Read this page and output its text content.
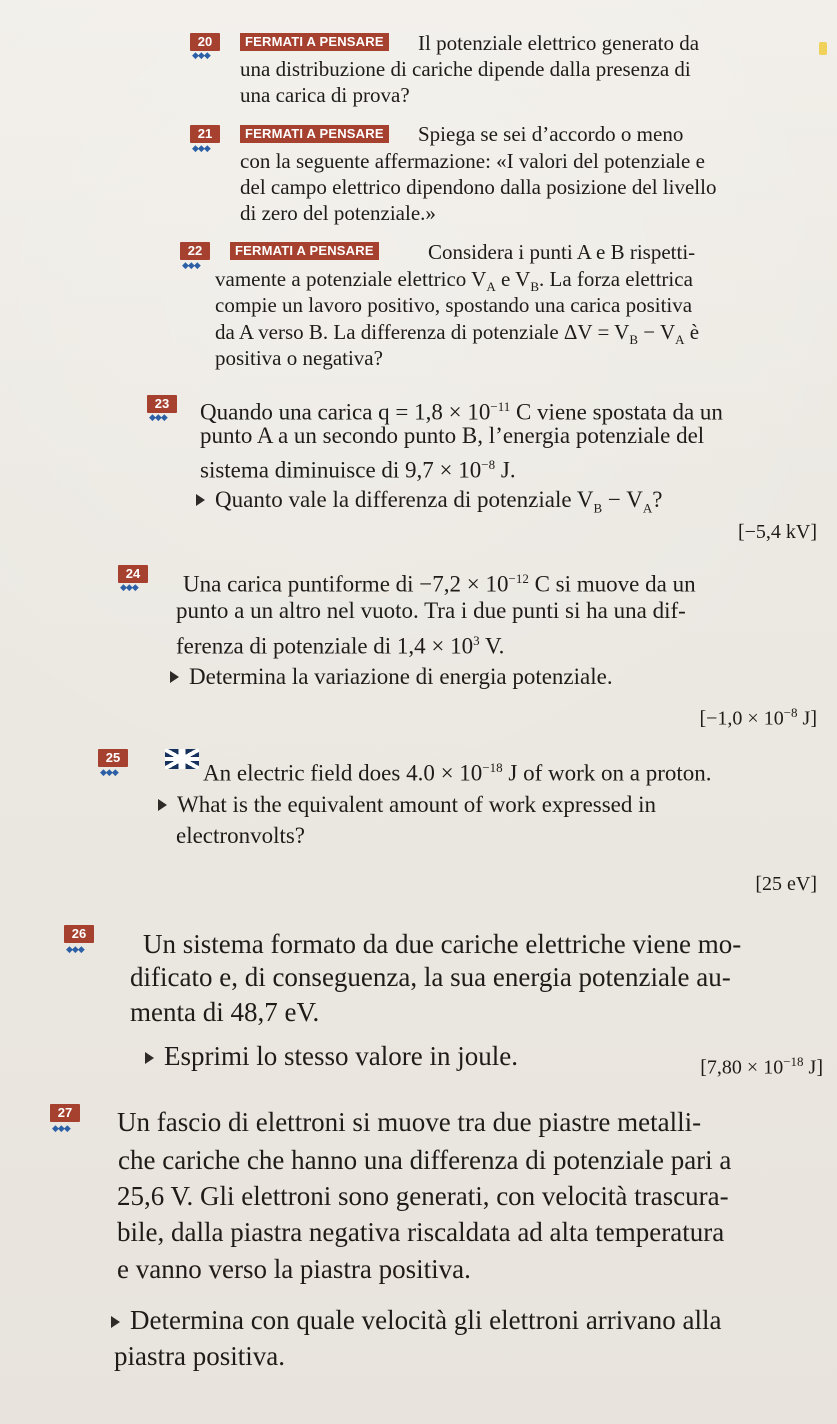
20
◆◆◆
FERMATI A PENSARE Il potenziale elettrico generato da
una distribuzione di cariche dipende dalla presenza di
una carica di prova?
21
◆◆◆
FERMATI A PENSARE Spiega se sei d’accordo o meno
con la seguente affermazione: «I valori del potenziale e
del campo elettrico dipendono dalla posizione del livello
di zero del potenziale.»
22
◆◆◆
FERMATI A PENSARE	Considera i punti A e B rispetti-
vamente a potenziale elettrico $V_A$ e $V_B$. La forza elettrica
compie un lavoro positivo, spostando una carica positiva
da A verso B. La differenza di potenziale $\Delta V = V_B - V_A$ è
positiva o negativa?
23
◆◆◆	Quando una carica $q = 1,8 \times 10^{-11}$ C viene spostata da un
punto A a un secondo punto B, l’energia potenziale del
sistema diminuisce di $9,7 \times 10^{-8}$ J.
Quanto vale la differenza di potenziale $V_B - V_A$?
[−5,4 kV]
24
◆◆◆	Una carica puntiforme di $-7,2 \times 10^{-12}$ C si muove da un
punto a un altro nel vuoto. Tra i due punti si ha una dif-
ferenza di potenziale di $1,4 \times 10^3$ V.
Determina la variazione di energia potenziale.
[$-1,0 \times 10^{-8}$ J]
25
◆◆◆	An electric field does $4.0 \times 10^{-18}$ J of work on a proton.
What is the equivalent amount of work expressed in
electronvolts?
[25 eV]
26
◆◆◆	Un sistema formato da due cariche elettriche viene mo-
dificato e, di conseguenza, la sua energia potenziale au-
menta di 48,7 eV.
Esprimi lo stesso valore in joule.	[$7,80 \times 10^{-18}$ J]
27
◆◆◆	Un fascio di elettroni si muove tra due piastre metalli-
che cariche che hanno una differenza di potenziale pari a
25,6 V. Gli elettroni sono generati, con velocità trascura-
bile, dalla piastra negativa riscaldata ad alta temperatura
e vanno verso la piastra positiva.
Determina con quale velocità gli elettroni arrivano alla
piastra positiva.
